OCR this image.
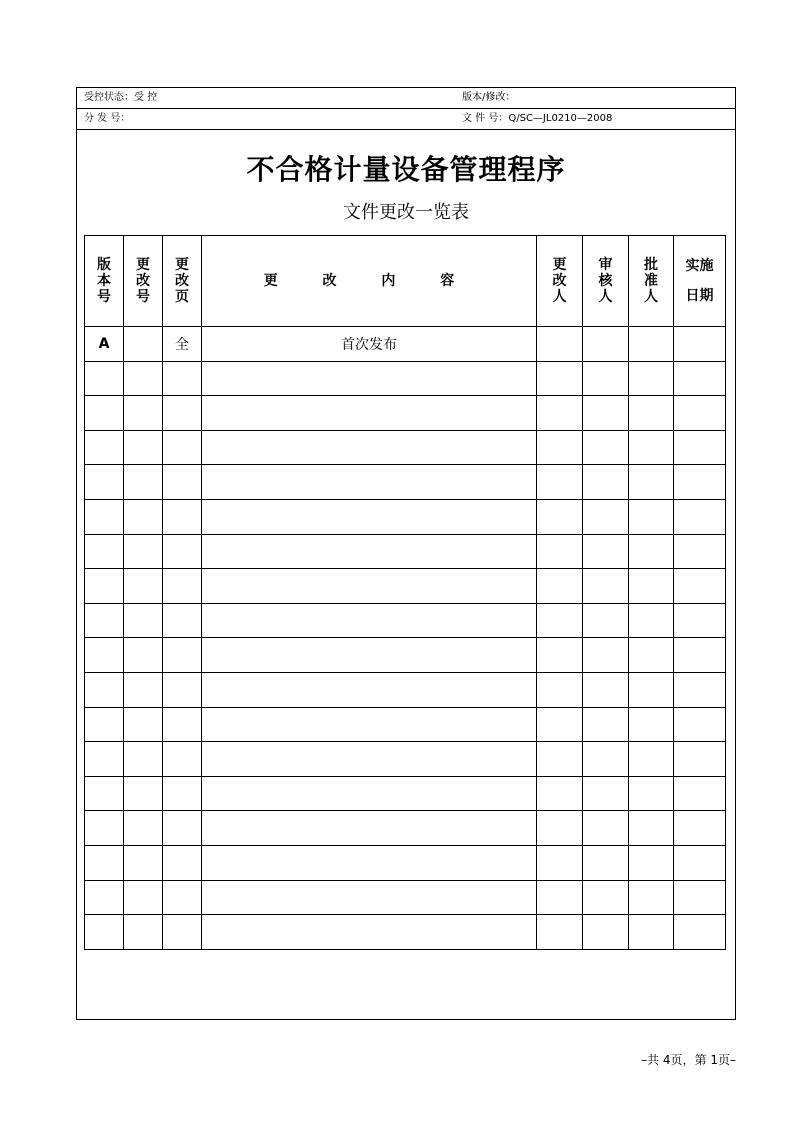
受控状态：受 控	版本/修改：
分 发 号：	文 件 号：Q/SC—JL0210—2008
不合格计量设备管理程序
文件更改一览表
版本号	更改号	更改页	更 改 内 容	更改人	审核人	批准人	实施
日期

A		全	首次发布				

–共 4页，第 1页–
